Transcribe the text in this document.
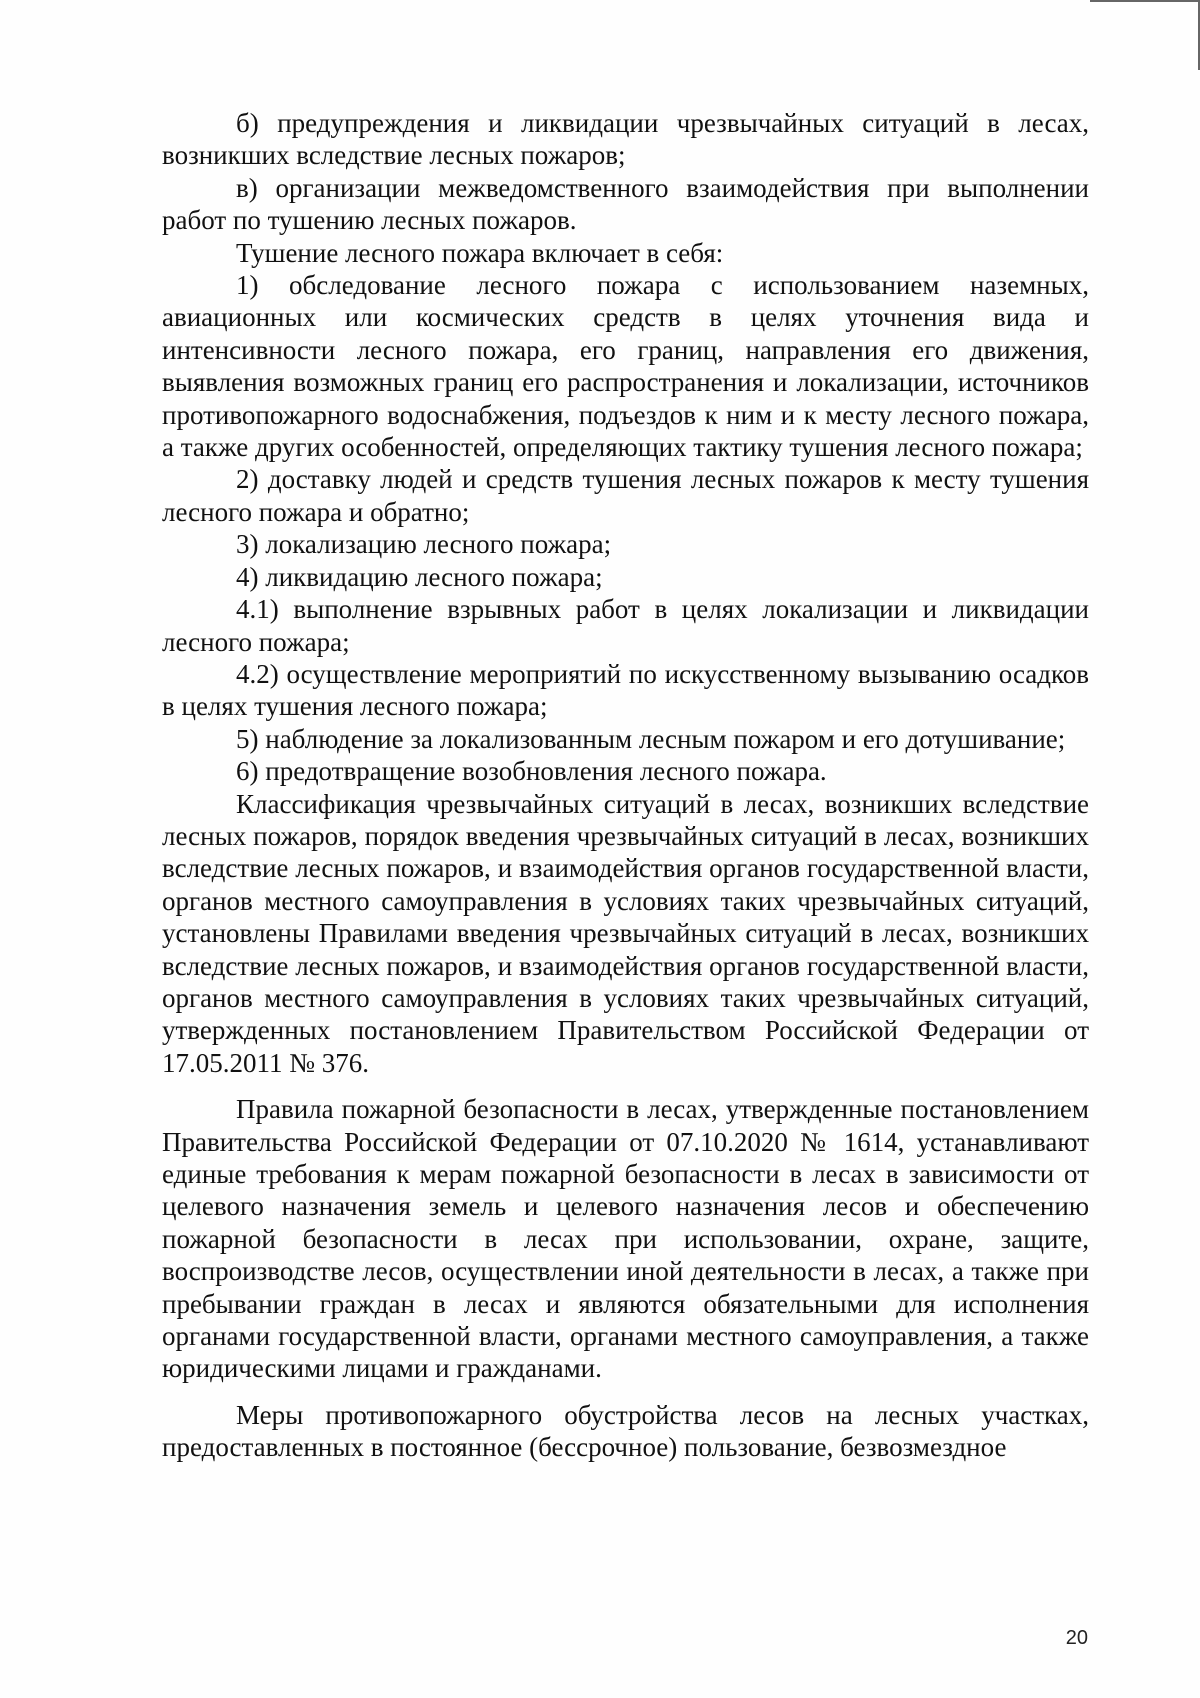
б) предупреждения и ликвидации чрезвычайных ситуаций в лесах, возникших вследствие лесных пожаров;

в) организации межведомственного взаимодействия при выполнении работ по тушению лесных пожаров.

Тушение лесного пожара включает в себя:

1) обследование лесного пожара с использованием наземных, авиационных или космических средств в целях уточнения вида и интенсивности лесного пожара, его границ, направления его движения, выявления возможных границ его распространения и локализации, источников противопожарного водоснабжения, подъездов к ним и к месту лесного пожара, а также других особенностей, определяющих тактику тушения лесного пожара;

2) доставку людей и средств тушения лесных пожаров к месту тушения лесного пожара и обратно;

3) локализацию лесного пожара;

4) ликвидацию лесного пожара;

4.1) выполнение взрывных работ в целях локализации и ликвидации лесного пожара;

4.2) осуществление мероприятий по искусственному вызыванию осадков в целях тушения лесного пожара;

5) наблюдение за локализованным лесным пожаром и его дотушивание;

6) предотвращение возобновления лесного пожара.

Классификация чрезвычайных ситуаций в лесах, возникших вследствие лесных пожаров, порядок введения чрезвычайных ситуаций в лесах, возникших вследствие лесных пожаров, и взаимодействия органов государственной власти, органов местного самоуправления в условиях таких чрезвычайных ситуаций, установлены Правилами введения чрезвычайных ситуаций в лесах, возникших вследствие лесных пожаров, и взаимодействия органов государственной власти, органов местного самоуправления в условиях таких чрезвычайных ситуаций, утвержденных постановлением Правительством Российской Федерации от 17.05.2011 № 376.

Правила пожарной безопасности в лесах, утвержденные постановлением Правительства Российской Федерации от 07.10.2020 № 1614, устанавливают единые требования к мерам пожарной безопасности в лесах в зависимости от целевого назначения земель и целевого назначения лесов и обеспечению пожарной безопасности в лесах при использовании, охране, защите, воспроизводстве лесов, осуществлении иной деятельности в лесах, а также при пребывании граждан в лесах и являются обязательными для исполнения органами государственной власти, органами местного самоуправления, а также юридическими лицами и гражданами.

Меры противопожарного обустройства лесов на лесных участках, предоставленных в постоянное (бессрочное) пользование, безвозмездное

20
